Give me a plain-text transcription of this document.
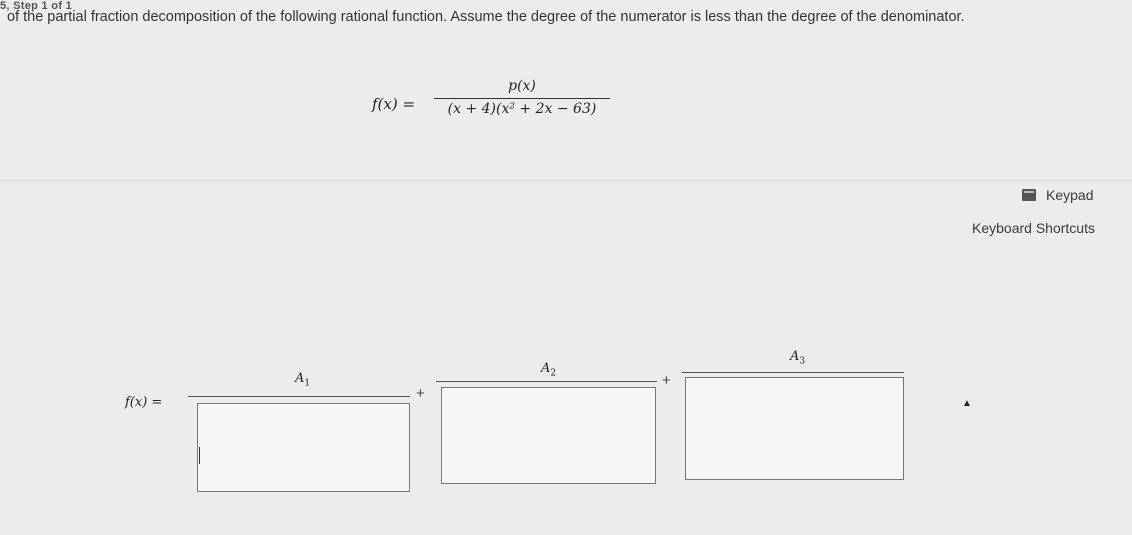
5, Step 1 of 1
of the partial fraction decomposition of the following rational function. Assume the degree of the numerator is less than the degree of the denominator.
f(x) =
p(x)
(x + 4)(x² + 2x − 63)
Keypad
Keyboard Shortcuts
f(x) =
$A_1$
+
$A_2$	+
$A_3$
▲
